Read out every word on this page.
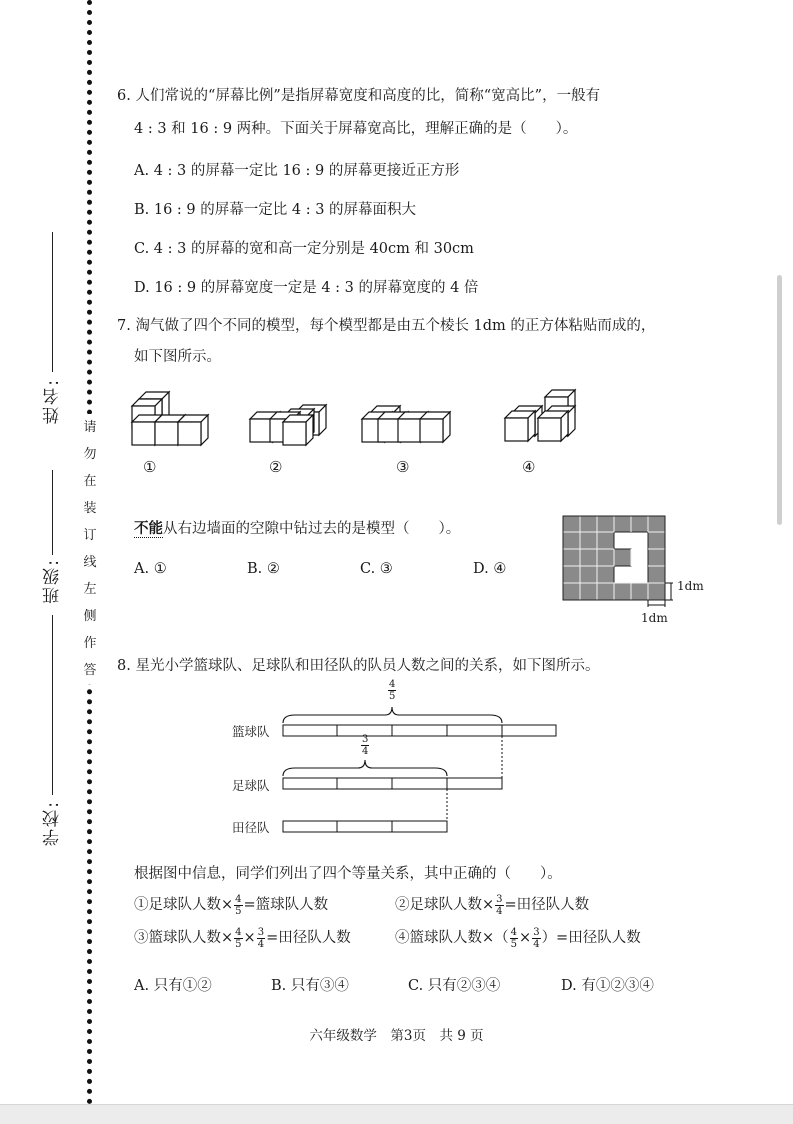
姓名:
班级:
学校:
请
勿
在
装
订
线
左
侧
作
答
6. 人们常说的“屏幕比例”是指屏幕宽度和高度的比，简称“宽高比”，一般有
4 : 3 和 16 : 9 两种。下面关于屏幕宽高比，理解正确的是（　　）。
A. 4 : 3 的屏幕一定比 16 : 9 的屏幕更接近正方形
B. 16 : 9 的屏幕一定比 4 : 3 的屏幕面积大
C. 4 : 3 的屏幕的宽和高一定分别是 40cm 和 30cm
D. 16 : 9 的屏幕宽度一定是 4 : 3 的屏幕宽度的 4 倍
7. 淘气做了四个不同的模型，每个模型都是由五个棱长 1dm 的正方体粘贴而成的，
如下图所示。
①	②	③	④
不能从右边墙面的空隙中钻过去的是模型（　　）。
A. ①	B. ②	C. ③	D. ④
1dm
1dm
8. 星光小学篮球队、足球队和田径队的队员人数之间的关系，如下图所示。
$\frac{4}{5}$
$\frac{3}{4}$
篮球队
足球队
田径队
根据图中信息，同学们列出了四个等量关系，其中正确的（　　）。
①足球队人数× $\frac{4}{5}$ =篮球队人数	②足球队人数× $\frac{3}{4}$ =田径队人数
③篮球队人数× $\frac{4}{5} \times \frac{3}{4}$ =田径队人数	④篮球队人数×（ $\frac{4}{5} \times \frac{3}{4}$ ）=田径队人数
A. 只有①②	B. 只有③④	C. 只有②③④	D. 有①②③④
六年级数学　第3页　共 9 页
